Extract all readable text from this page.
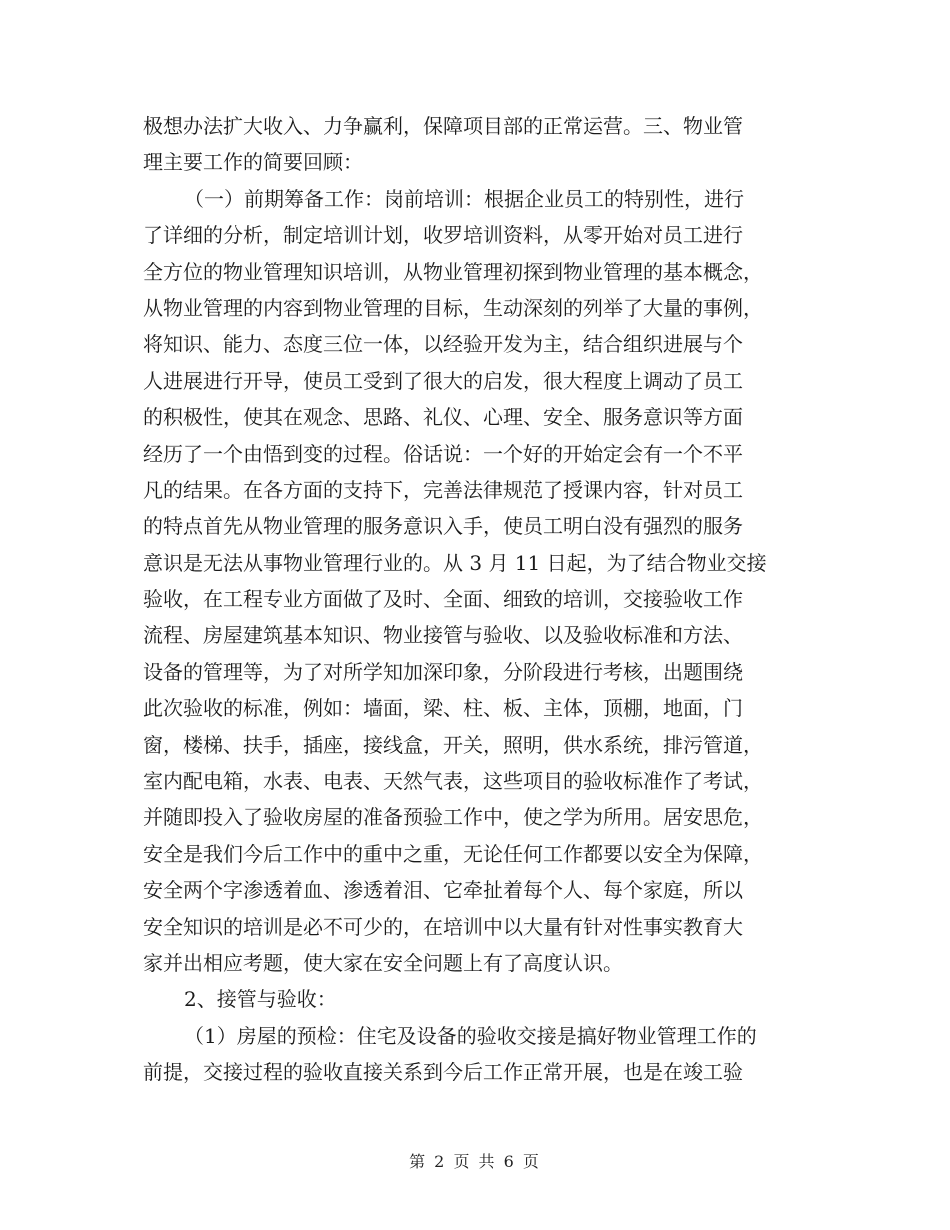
极想办法扩大收入、力争赢利，保障项目部的正常运营。三、物业管
理主要工作的简要回顾：
（一）前期筹备工作：岗前培训：根据企业员工的特别性，进行
了详细的分析，制定培训计划，收罗培训资料，从零开始对员工进行
全方位的物业管理知识培训，从物业管理初探到物业管理的基本概念，
从物业管理的内容到物业管理的目标，生动深刻的列举了大量的事例，
将知识、能力、态度三位一体，以经验开发为主，结合组织进展与个
人进展进行开导，使员工受到了很大的启发，很大程度上调动了员工
的积极性，使其在观念、思路、礼仪、心理、安全、服务意识等方面
经历了一个由悟到变的过程。俗话说：一个好的开始定会有一个不平
凡的结果。在各方面的支持下，完善法律规范了授课内容，针对员工
的特点首先从物业管理的服务意识入手，使员工明白没有强烈的服务
意识是无法从事物业管理行业的。从 3 月 11 日起，为了结合物业交接
验收，在工程专业方面做了及时、全面、细致的培训，交接验收工作
流程、房屋建筑基本知识、物业接管与验收、以及验收标准和方法、
设备的管理等，为了对所学知加深印象，分阶段进行考核，出题围绕
此次验收的标准，例如：墙面，梁、柱、板、主体，顶棚，地面，门
窗，楼梯、扶手，插座，接线盒，开关，照明，供水系统，排污管道，
室内配电箱，水表、电表、天然气表，这些项目的验收标准作了考试，
并随即投入了验收房屋的准备预验工作中，使之学为所用。居安思危，
安全是我们今后工作中的重中之重，无论任何工作都要以安全为保障，
安全两个字渗透着血、渗透着泪、它牵扯着每个人、每个家庭，所以
安全知识的培训是必不可少的，在培训中以大量有针对性事实教育大
家并出相应考题，使大家在安全问题上有了高度认识。
2、接管与验收：
（1）房屋的预检：住宅及设备的验收交接是搞好物业管理工作的
前提，交接过程的验收直接关系到今后工作正常开展，也是在竣工验
第 2 页 共 6 页
